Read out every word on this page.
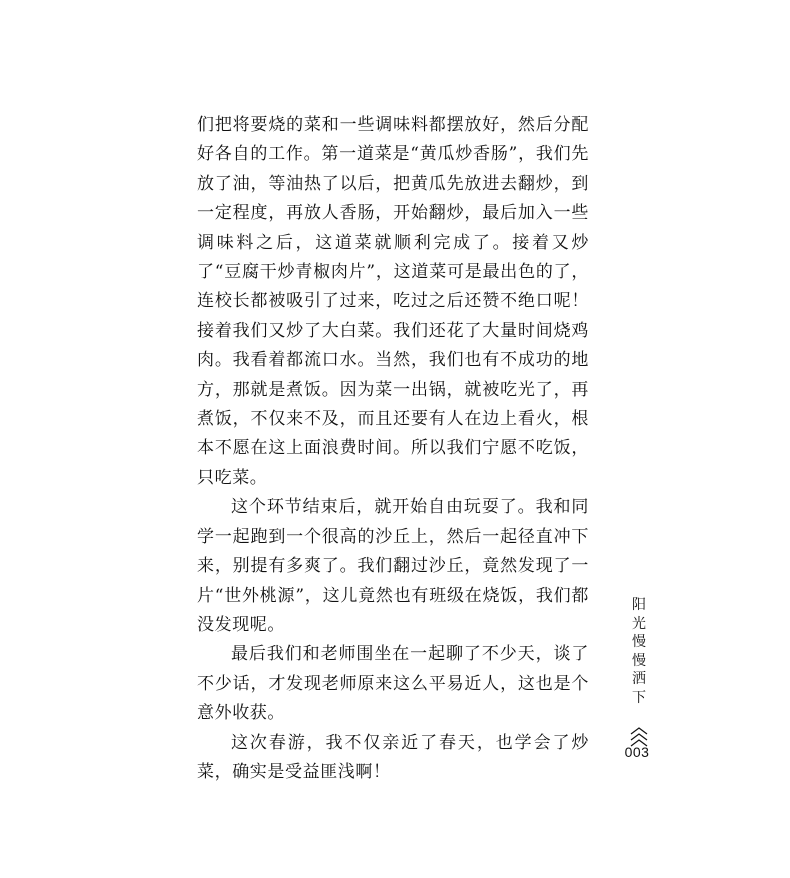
们把将要烧的菜和一些调味料都摆放好，然后分配好各自的工作。第一道菜是“黄瓜炒香肠”，我们先放了油，等油热了以后，把黄瓜先放进去翻炒，到一定程度，再放人香肠，开始翻炒，最后加入一些调味料之后，这道菜就顺利完成了。接着又炒了“豆腐干炒青椒肉片”，这道菜可是最出色的了，连校长都被吸引了过来，吃过之后还赞不绝口呢！接着我们又炒了大白菜。我们还花了大量时间烧鸡肉。我看着都流口水。当然，我们也有不成功的地方，那就是煮饭。因为菜一出锅，就被吃光了，再煮饭，不仅来不及，而且还要有人在边上看火，根本不愿在这上面浪费时间。所以我们宁愿不吃饭，只吃菜。

这个环节结束后，就开始自由玩耍了。我和同学一起跑到一个很高的沙丘上，然后一起径直冲下来，别提有多爽了。我们翻过沙丘，竟然发现了一片“世外桃源”，这儿竟然也有班级在烧饭，我们都没发现呢。

最后我们和老师围坐在一起聊了不少天，谈了不少话，才发现老师原来这么平易近人，这也是个意外收获。

这次春游，我不仅亲近了春天，也学会了炒菜，确实是受益匪浅啊！

阳光慢慢洒下
003
